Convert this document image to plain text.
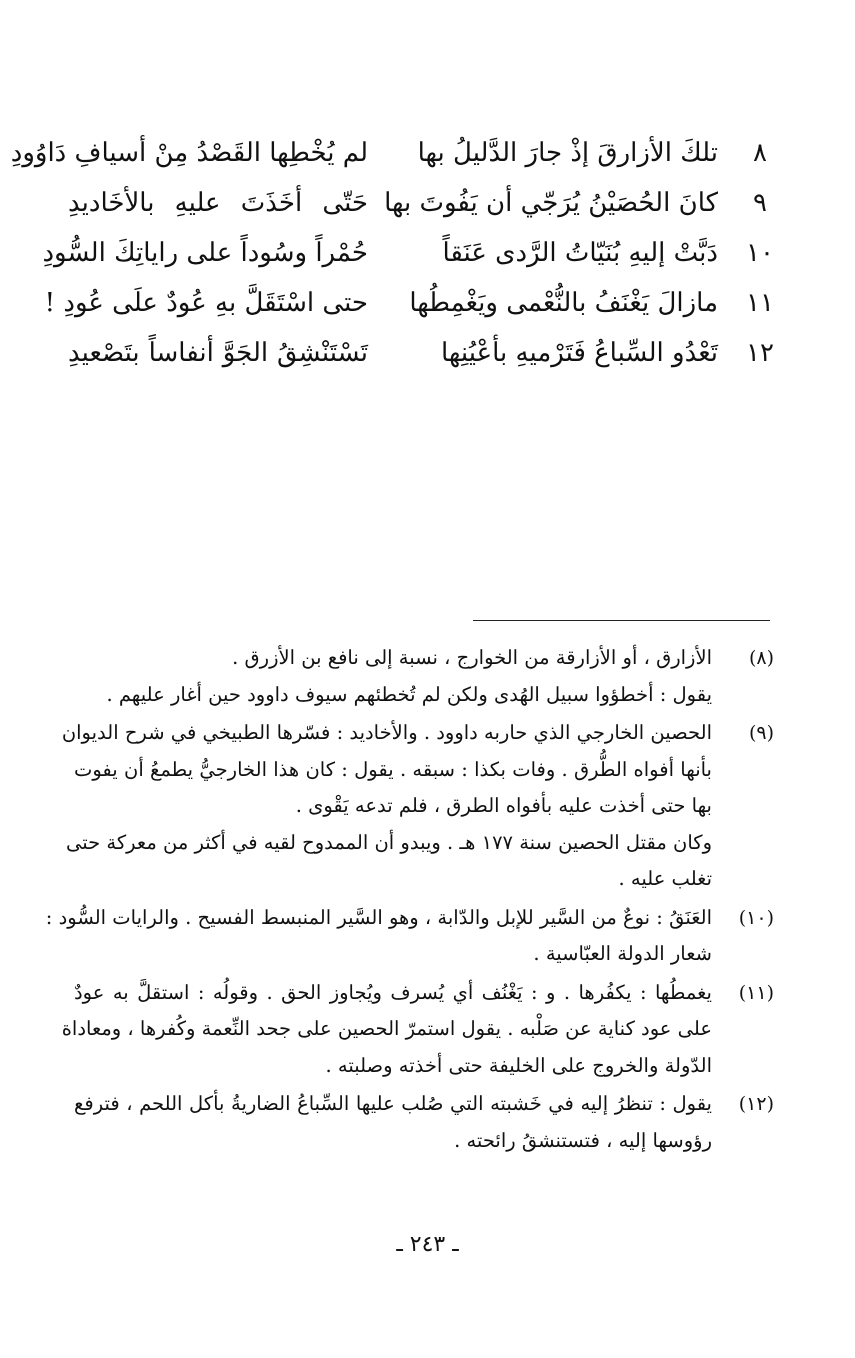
٨
تلكَ الأزارقَ إذْ جارَ الدَّليلُ بها
لم يُخْطِها القَصْدُ مِنْ أسيافِ دَاوُودِ
٩
كانَ الحُصَيْنُ يُرَجّي أن يَفُوتَ بها
حَتّى أخَذَتَ عليهِ بالأخَاديدِ
١٠
دَبَّتْ إليهِ بُنَيّاتُ الرَّدى عَنَقاً
حُمْراً وسُوداً على راياتِكَ السُّودِ
١١
مازالَ يَغْنَفُ بالنُّعْمى ويَغْمِطُها
حتى اسْتَقَلَّ بهِ عُودٌ علَى عُودِ !
١٢
تَعْدُو السِّباعُ فَتَرْميهِ بأعْيُنِها
تَسْتَنْشِقُ الجَوَّ أنفاساً بتَصْعيدِ
(٨)
الأزارق ، أو الأزارقة من الخوارج ، نسبة إلى نافع بن الأزرق .
يقول : أخطؤوا سبيل الهُدى ولكن لم تُخطئهم سيوف داوود حين أغار عليهم .
(٩)
الحصين الخارجي الذي حاربه داوود . والأخاديد : فسّرها الطبيخي في شرح الديوان
بأنها أفواه الطُّرق . وفات بكذا : سبقه . يقول : كان هذا الخارجيُّ يطمعُ أن يفوت
بها حتى أخذت عليه بأفواه الطرق ، فلم تدعه يَقْوى .
وكان مقتل الحصين سنة ١٧٧ هـ . ويبدو أن الممدوح لقيه في أكثر من معركة حتى
تغلب عليه .
(١٠)
العَنَقُ : نوعٌ من السَّير للإبل والدّابة ، وهو السَّير المنبسط الفسيح . والرايات السُّود :
شعار الدولة العبّاسية .
(١١)
يغمطُها : يكفُرها . و : يَغْنُف أي يُسرف ويُجاوز الحق . وقولُه : استقلَّ به عودٌ
على عود كناية عن صَلْبه . يقول استمرّ الحصين على جحد النِّعمة وكُفرها ، ومعاداة
الدّولة والخروج على الخليفة حتى أخذته وصلبته .
(١٢)
يقول : تنظرُ إليه في خَشبته التي صُلب عليها السِّباعُ الضاريةُ بأكل اللحم ، فترفع
رؤوسها إليه ، فتستنشقُ رائحته .
ـ ٢٤٣ ـ
